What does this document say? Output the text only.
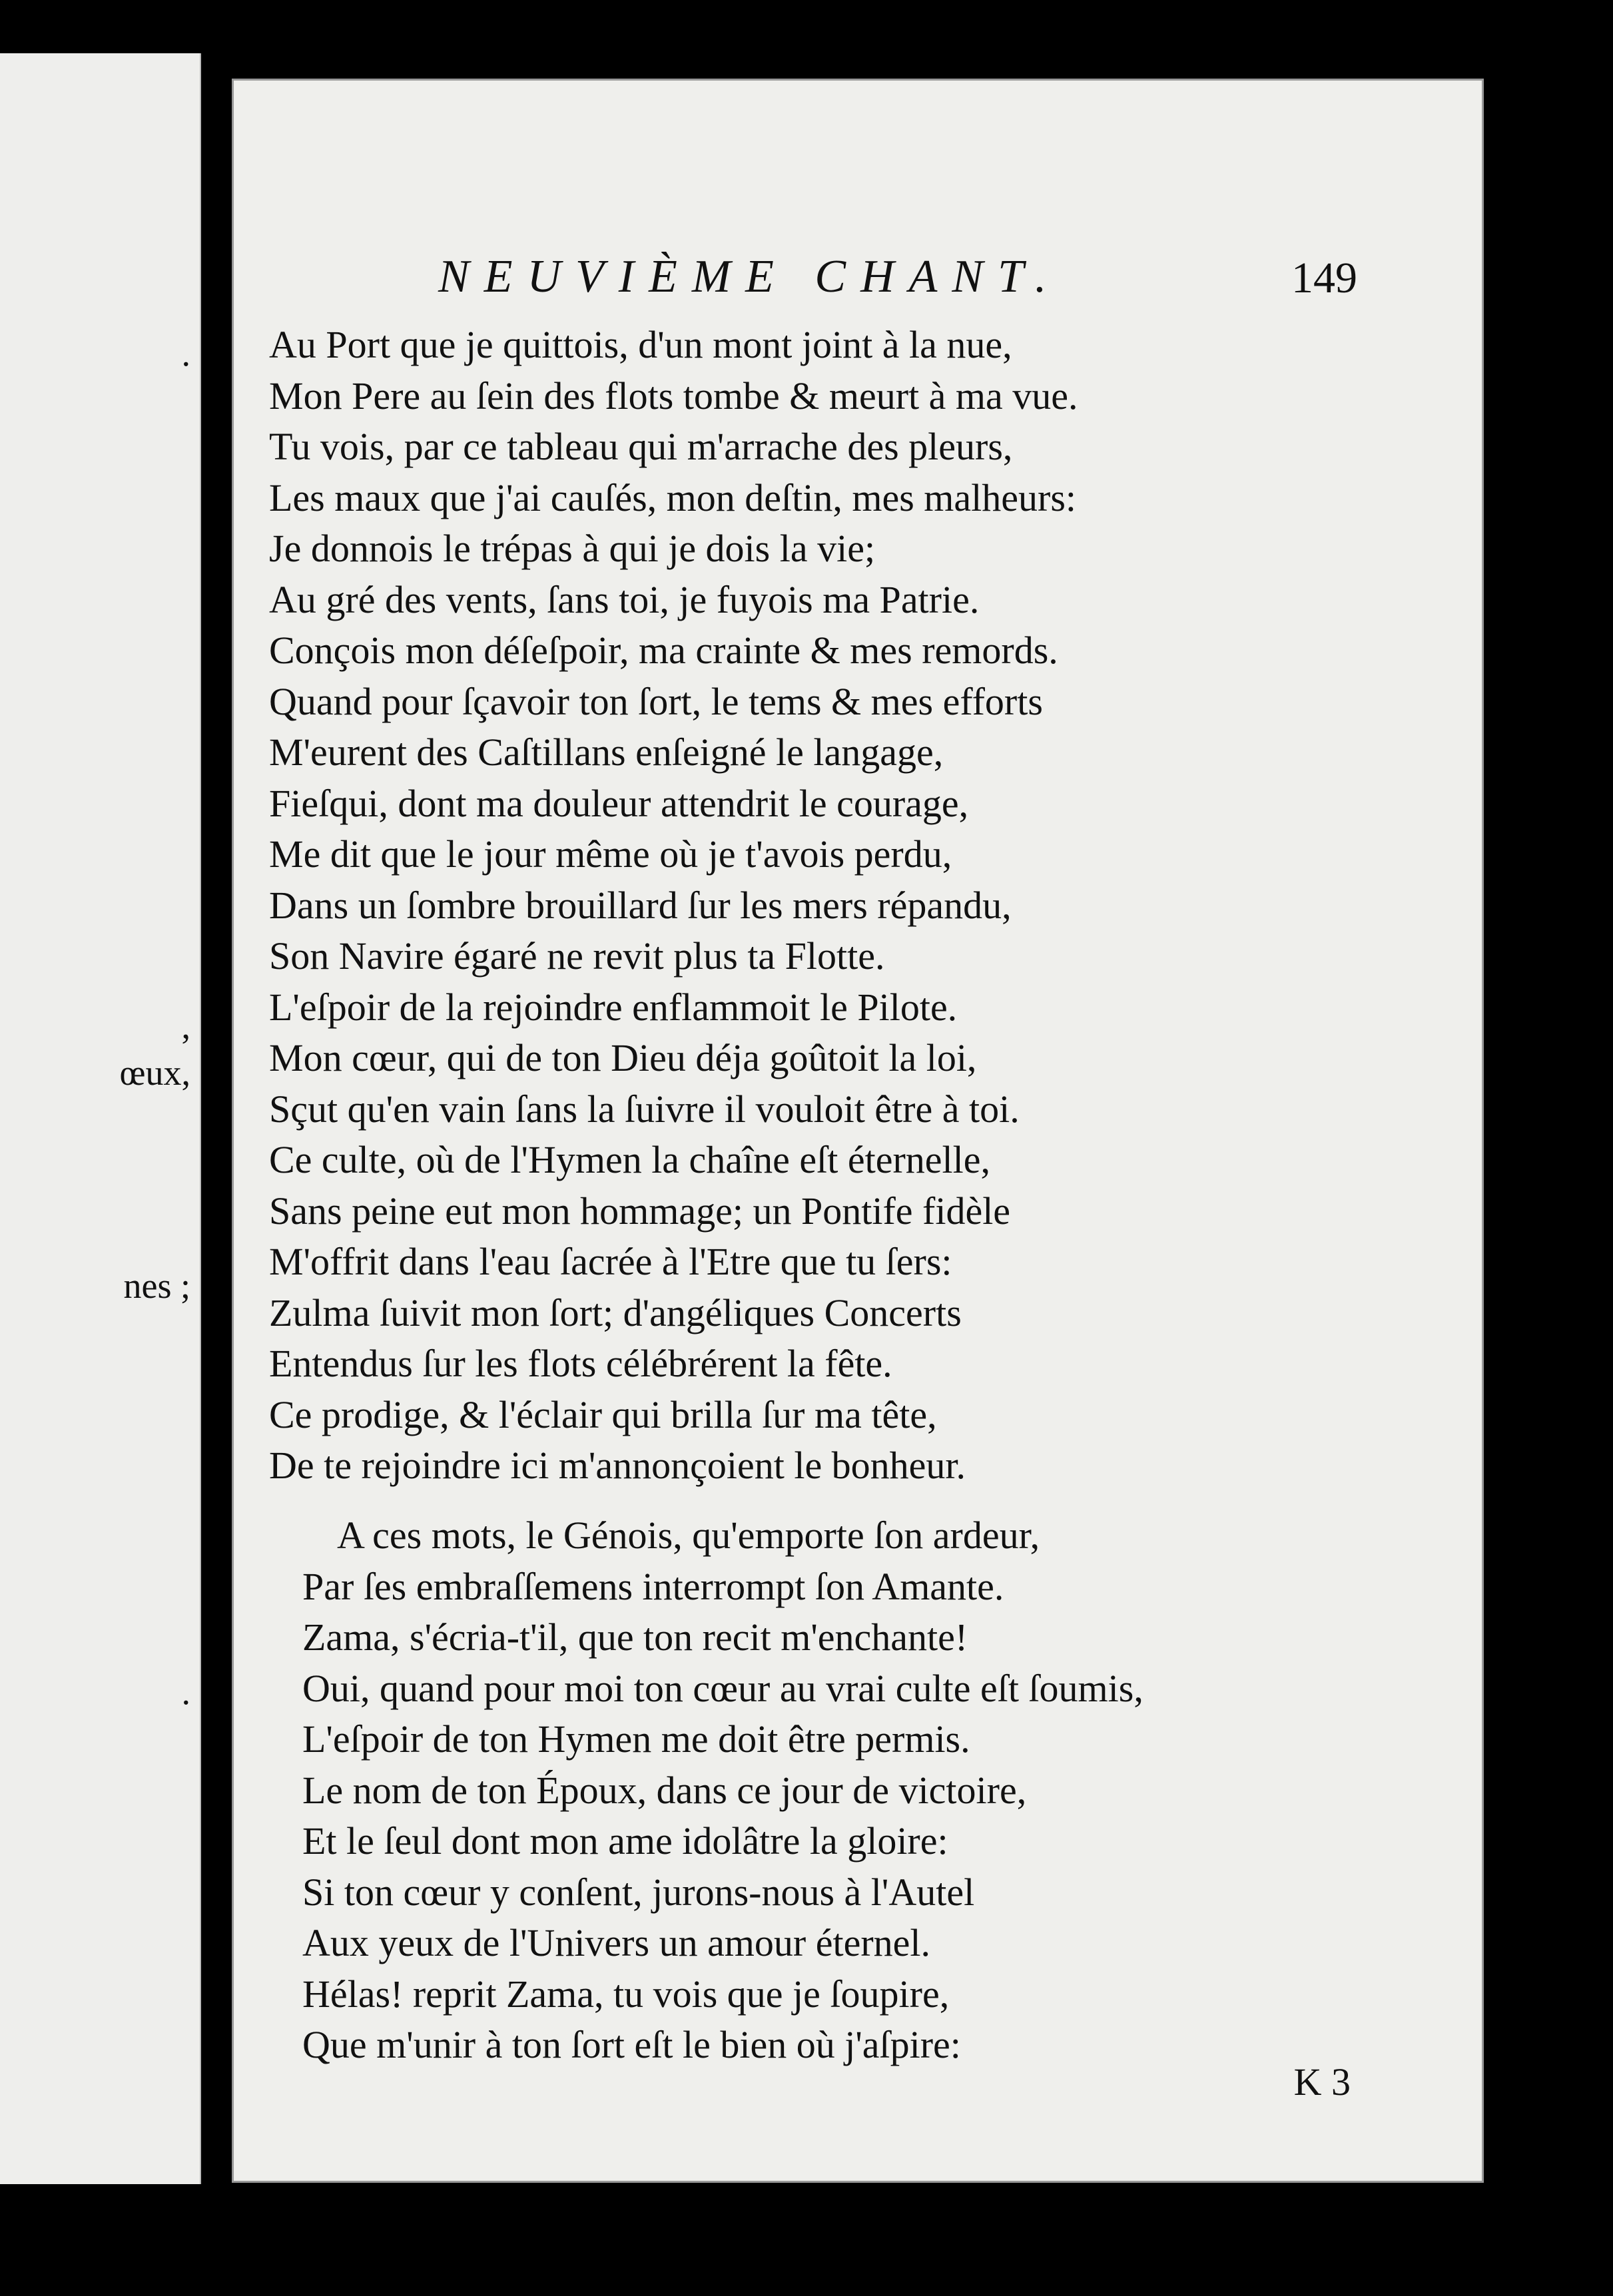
.
,
œux,
nes ;
.
NEUVIÈME CHANT.	149
Au Port que je quittois, d'un mont joint à la nue,
Mon Pere au ſein des flots tombe & meurt à ma vue.
Tu vois, par ce tableau qui m'arrache des pleurs,
Les maux que j'ai cauſés, mon deſtin, mes malheurs:
Je donnois le trépas à qui je dois la vie;
Au gré des vents, ſans toi, je fuyois ma Patrie.
Conçois mon déſeſpoir, ma crainte & mes remords.
Quand pour ſçavoir ton ſort, le tems & mes efforts
M'eurent des Caſtillans enſeigné le langage,
Fieſqui, dont ma douleur attendrit le courage,
Me dit que le jour même où je t'avois perdu,
Dans un ſombre brouillard ſur les mers répandu,
Son Navire égaré ne revit plus ta Flotte.
L'eſpoir de la rejoindre enflammoit le Pilote.
Mon cœur, qui de ton Dieu déja goûtoit la loi,
Sçut qu'en vain ſans la ſuivre il vouloit être à toi.
Ce culte, où de l'Hymen la chaîne eſt éternelle,
Sans peine eut mon hommage; un Pontife fidèle
M'offrit dans l'eau ſacrée à l'Etre que tu ſers:
Zulma ſuivit mon ſort; d'angéliques Concerts
Entendus ſur les flots célébrérent la fête.
Ce prodige, & l'éclair qui brilla ſur ma tête,
De te rejoindre ici m'annonçoient le bonheur.
A ces mots, le Génois, qu'emporte ſon ardeur,
Par ſes embraſſemens interrompt ſon Amante.
Zama, s'écria-t'il, que ton recit m'enchante!
Oui, quand pour moi ton cœur au vrai culte eſt ſoumis,
L'eſpoir de ton Hymen me doit être permis.
Le nom de ton Époux, dans ce jour de victoire,
Et le ſeul dont mon ame idolâtre la gloire:
Si ton cœur y conſent, jurons-nous à l'Autel
Aux yeux de l'Univers un amour éternel.
Hélas! reprit Zama, tu vois que je ſoupire,
Que m'unir à ton ſort eſt le bien où j'aſpire:
K 3
